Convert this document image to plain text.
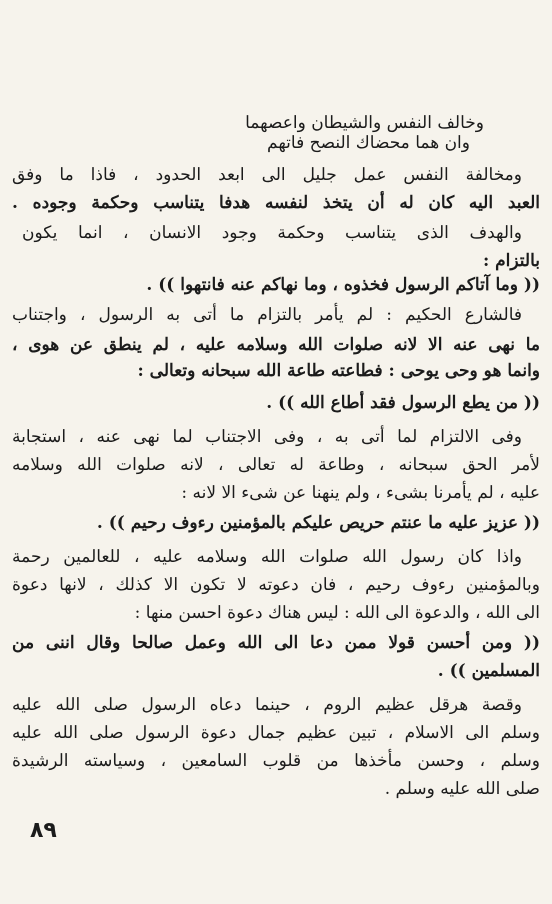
وخالف النفس والشيطان واعصهما
وان هما محضاك النصح فاتهم
ومخالفة النفس عمل جليل الى ابعد الحدود ، فاذا ما وفق
العبد اليه كان له أن يتخذ لنفسه هدفا يتناسب وحكمة وجوده .
والهدف الذى يتناسب وحكمة وجود الانسان ، انما يكون
بالتزام :
(( وما آتاكم الرسول فخذوه ، وما نهاكم عنه فانتهوا )) .
فالشارع الحكيم : لم يأمر بالتزام ما أتى به الرسول ، واجتناب
ما نهى عنه الا لانه صلوات الله وسلامه عليه ، لم ينطق عن هوى ،
وانما هو وحى يوحى : فطاعته طاعة الله سبحانه وتعالى :
(( من يطع الرسول فقد أطاع الله )) .
وفى الالتزام لما أتى به ، وفى الاجتناب لما نهى عنه ، استجابة
لأمر الحق سبحانه ، وطاعة له تعالى ، لانه صلوات الله وسلامه
عليه ، لم يأمرنا بشىء ، ولم ينهنا عن شىء الا لانه :
(( عزيز عليه ما عنتم حريص عليكم بالمؤمنين رءوف رحيم )) .
واذا كان رسول الله صلوات الله وسلامه عليه ، للعالمين رحمة
وبالمؤمنين رءوف رحيم ، فان دعوته لا تكون الا كذلك ، لانها دعوة
الى الله ، والدعوة الى الله : ليس هناك دعوة احسن منها :
(( ومن أحسن قولا ممن دعا الى الله وعمل صالحا وقال اننى من
المسلمين )) .
وقصة هرقل عظيم الروم ، حينما دعاه الرسول صلى الله عليه
وسلم الى الاسلام ، تبين عظيم جمال دعوة الرسول صلى الله عليه
وسلم ، وحسن مأخذها من قلوب السامعين ، وسياسته الرشيدة
صلى الله عليه وسلم .
٨٩
